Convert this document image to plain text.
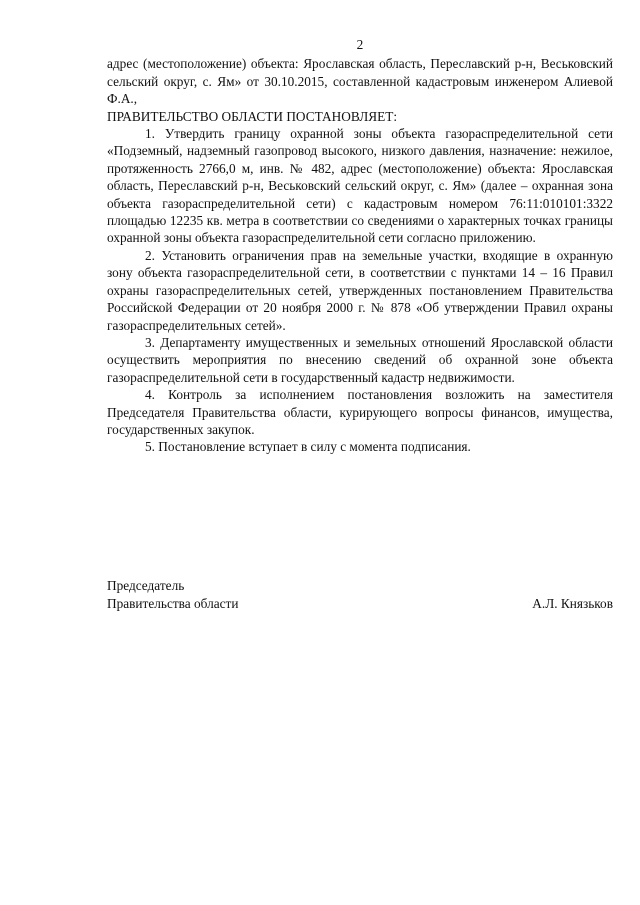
2

адрес (местоположение) объекта: Ярославская область, Переславский р-н, Веськовский сельский округ, с. Ям» от 30.10.2015, составленной кадастровым инженером Алиевой Ф.А.,

ПРАВИТЕЛЬСТВО ОБЛАСТИ ПОСТАНОВЛЯЕТ:

1. Утвердить границу охранной зоны объекта газораспределительной сети «Подземный, надземный газопровод высокого, низкого давления, назначение: нежилое, протяженность 2766,0 м, инв. № 482, адрес (местоположение) объекта: Ярославская область, Переславский р-н, Веськовский сельский округ, с. Ям» (далее – охранная зона объекта газораспределительной сети) с кадастровым номером 76:11:010101:3322 площадью 12235 кв. метра в соответствии со сведениями о характерных точках границы охранной зоны объекта газораспределительной сети согласно приложению.

2. Установить ограничения прав на земельные участки, входящие в охранную зону объекта газораспределительной сети, в соответствии с пунктами 14 – 16 Правил охраны газораспределительных сетей, утвержденных постановлением Правительства Российской Федерации от 20 ноября 2000 г. № 878 «Об утверждении Правил охраны газораспределительных сетей».

3. Департаменту имущественных и земельных отношений Ярославской области осуществить мероприятия по внесению сведений об охранной зоне объекта газораспределительной сети в государственный кадастр недвижимости.

4. Контроль за исполнением постановления возложить на заместителя Председателя Правительства области, курирующего вопросы финансов, имущества, государственных закупок.

5. Постановление вступает в силу с момента подписания.

Председатель
Правительства области	А.Л. Князьков
